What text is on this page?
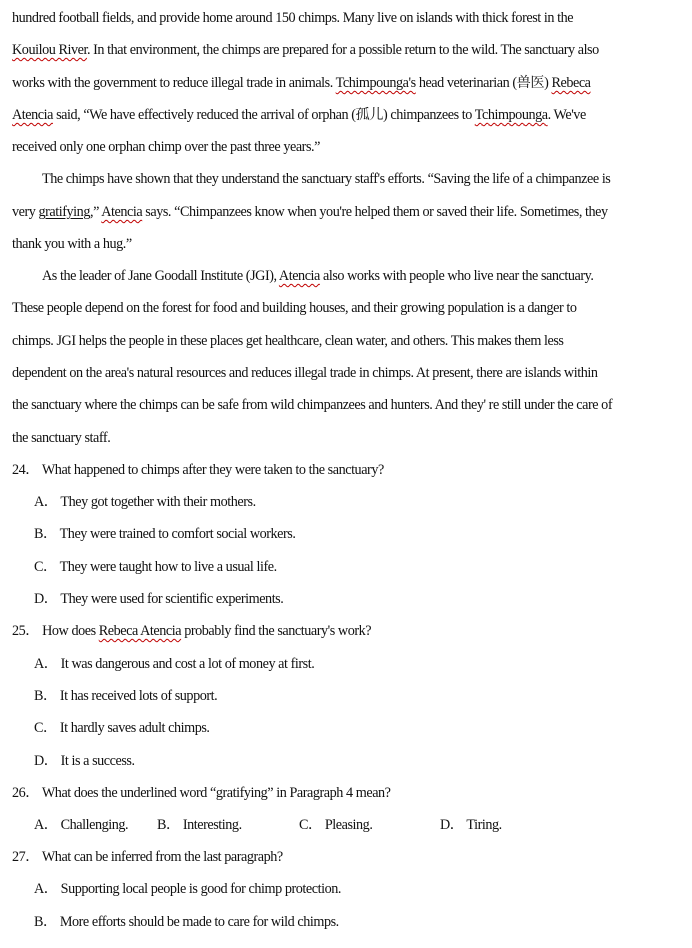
hundred football fields, and provide home around 150 chimps. Many live on islands with thick forest in the
Kouilou River. In that environment, the chimps are prepared for a possible return to the wild. The sanctuary also
works with the government to reduce illegal trade in animals. Tchimpounga's head veterinarian (兽医) Rebeca
Atencia said, “We have effectively reduced the arrival of orphan (孤儿) chimpanzees to Tchimpounga. We've
received only one orphan chimp over the past three years.”
The chimps have shown that they understand the sanctuary staff's efforts. “Saving the life of a chimpanzee is
very gratifying,” Atencia says. “Chimpanzees know when you're helped them or saved their life. Sometimes, they
thank you with a hug.”
As the leader of Jane Goodall Institute (JGI), Atencia also works with people who live near the sanctuary.
These people depend on the forest for food and building houses, and their growing population is a danger to
chimps. JGI helps the people in these places get healthcare, clean water, and others. This makes them less
dependent on the area's natural resources and reduces illegal trade in chimps. At present, there are islands within
the sanctuary where the chimps can be safe from wild chimpanzees and hunters. And they' re still under the care of
the sanctuary staff.
24． What happened to chimps after they were taken to the sanctuary?
A． They got together with their mothers.
B． They were trained to comfort social workers.
C． They were taught how to live a usual life.
D． They were used for scientific experiments.
25． How does Rebeca Atencia probably find the sanctuary's work?
A． It was dangerous and cost a lot of money at first.
B． It has received lots of support.
C． It hardly saves adult chimps.
D． It is a success.
26． What does the underlined word “gratifying” in Paragraph 4 mean?
A． Challenging. B． Interesting.	C． Pleasing.	D． Tiring.
27． What can be inferred from the last paragraph?
A． Supporting local people is good for chimp protection.
B． More efforts should be made to care for wild chimps.
